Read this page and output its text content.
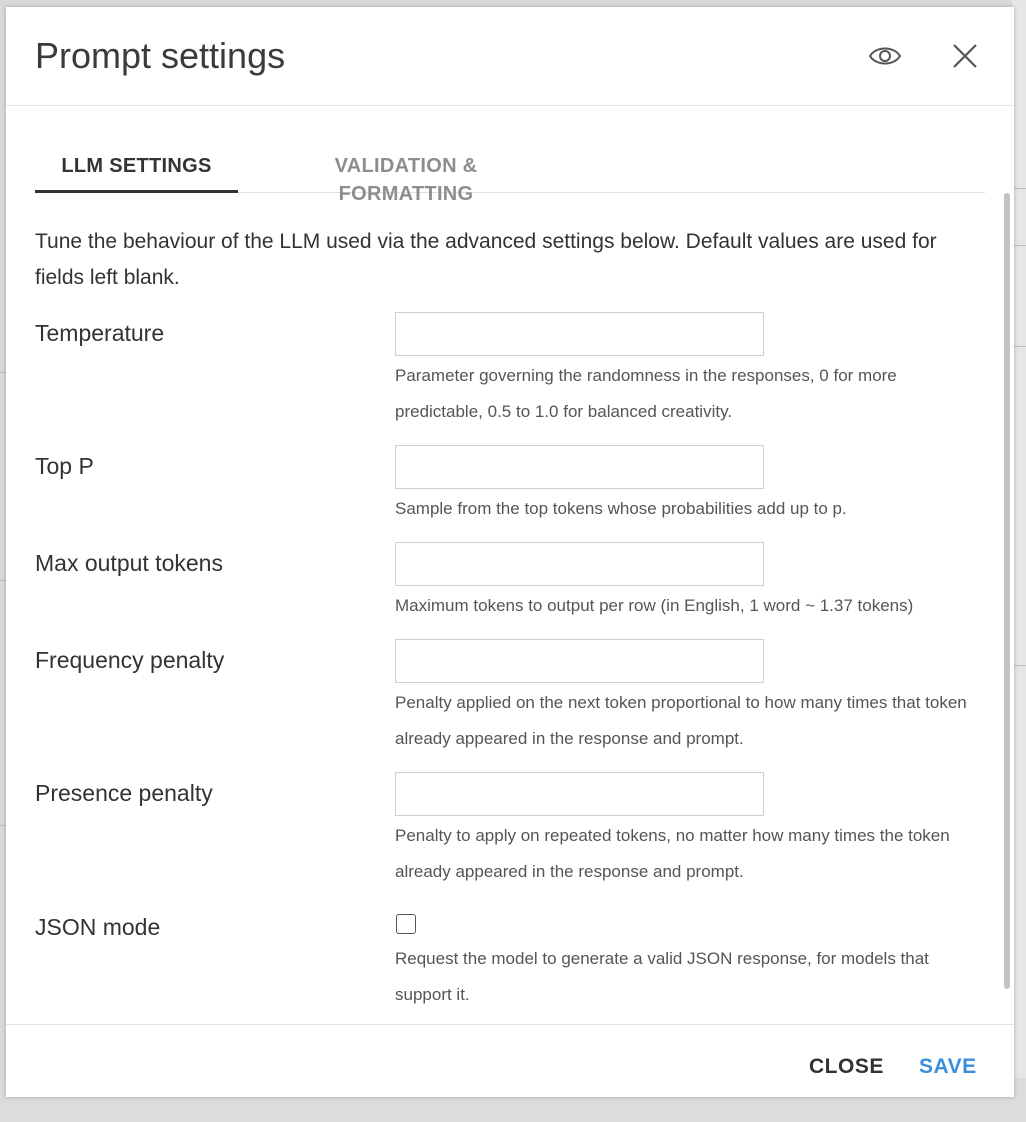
Prompt settings
LLM SETTINGS	VALIDATION & FORMATTING

Tune the behaviour of the LLM used via the advanced settings below. Default values are used for fields left blank.

Temperature
Parameter governing the randomness in the responses, 0 for more predictable, 0.5 to 1.0 for balanced creativity.
Top P
Sample from the top tokens whose probabilities add up to p.
Max output tokens
Maximum tokens to output per row (in English, 1 word ~ 1.37 tokens)
Frequency penalty
Penalty applied on the next token proportional to how many times that token already appeared in the response and prompt.
Presence penalty
Penalty to apply on repeated tokens, no matter how many times the token already appeared in the response and prompt.
JSON mode
Request the model to generate a valid JSON response, for models that support it.
CLOSE SAVE
